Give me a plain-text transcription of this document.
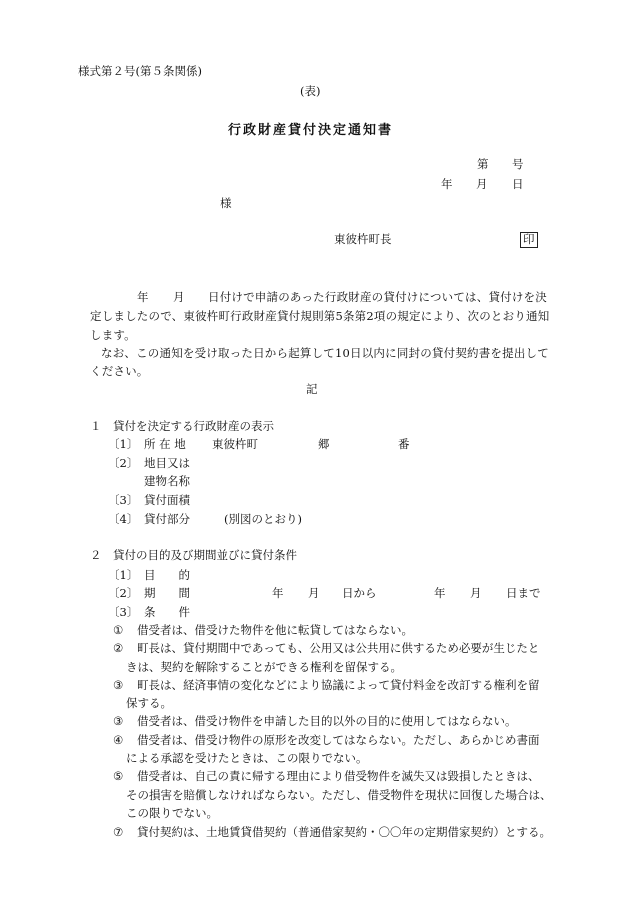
様式第２号(第５条関係)
(表)
行政財産貸付決定通知書
第 号
年 月 日
様
東彼杵町長	印
年 月 日付けで申請のあった行政財産の貸付けについては、貸付けを決
定しましたので、東彼杵町行政財産貸付規則第5条第2項の規定により、次のとおり通知
します。
なお、この通知を受け取った日から起算して10日以内に同封の貸付契約書を提出して
ください。
記
１　貸付を決定する行政財産の表示
〔1〕 所 在 地 東彼杵町	郷	番
〔2〕 地目又は
建物名称
〔3〕 貸付面積
〔4〕 貸付部分	(別図のとおり)
２　貸付の目的及び期間並びに貸付条件
〔1〕 目　　的
〔2〕 期　　間	年 月 日から	年 月 日まで
〔3〕 条　　件
① 借受者は、借受けた物件を他に転貸してはならない。
② 町長は、貸付期間中であっても、公用又は公共用に供するため必要が生じたと
きは、契約を解除することができる権利を留保する。
③ 町長は、経済事情の変化などにより協議によって貸付料金を改訂する権利を留
保する。
③ 借受者は、借受け物件を申請した目的以外の目的に使用してはならない。
④ 借受者は、借受け物件の原形を改変してはならない。ただし、あらかじめ書面
による承認を受けたときは、この限りでない。
⑤ 借受者は、自己の責に帰する理由により借受物件を滅失又は毀損したときは、
その損害を賠償しなければならない。ただし、借受物件を現状に回復した場合は、
この限りでない。
⑦ 貸付契約は、土地賃貸借契約（普通借家契約・〇〇年の定期借家契約）とする。
